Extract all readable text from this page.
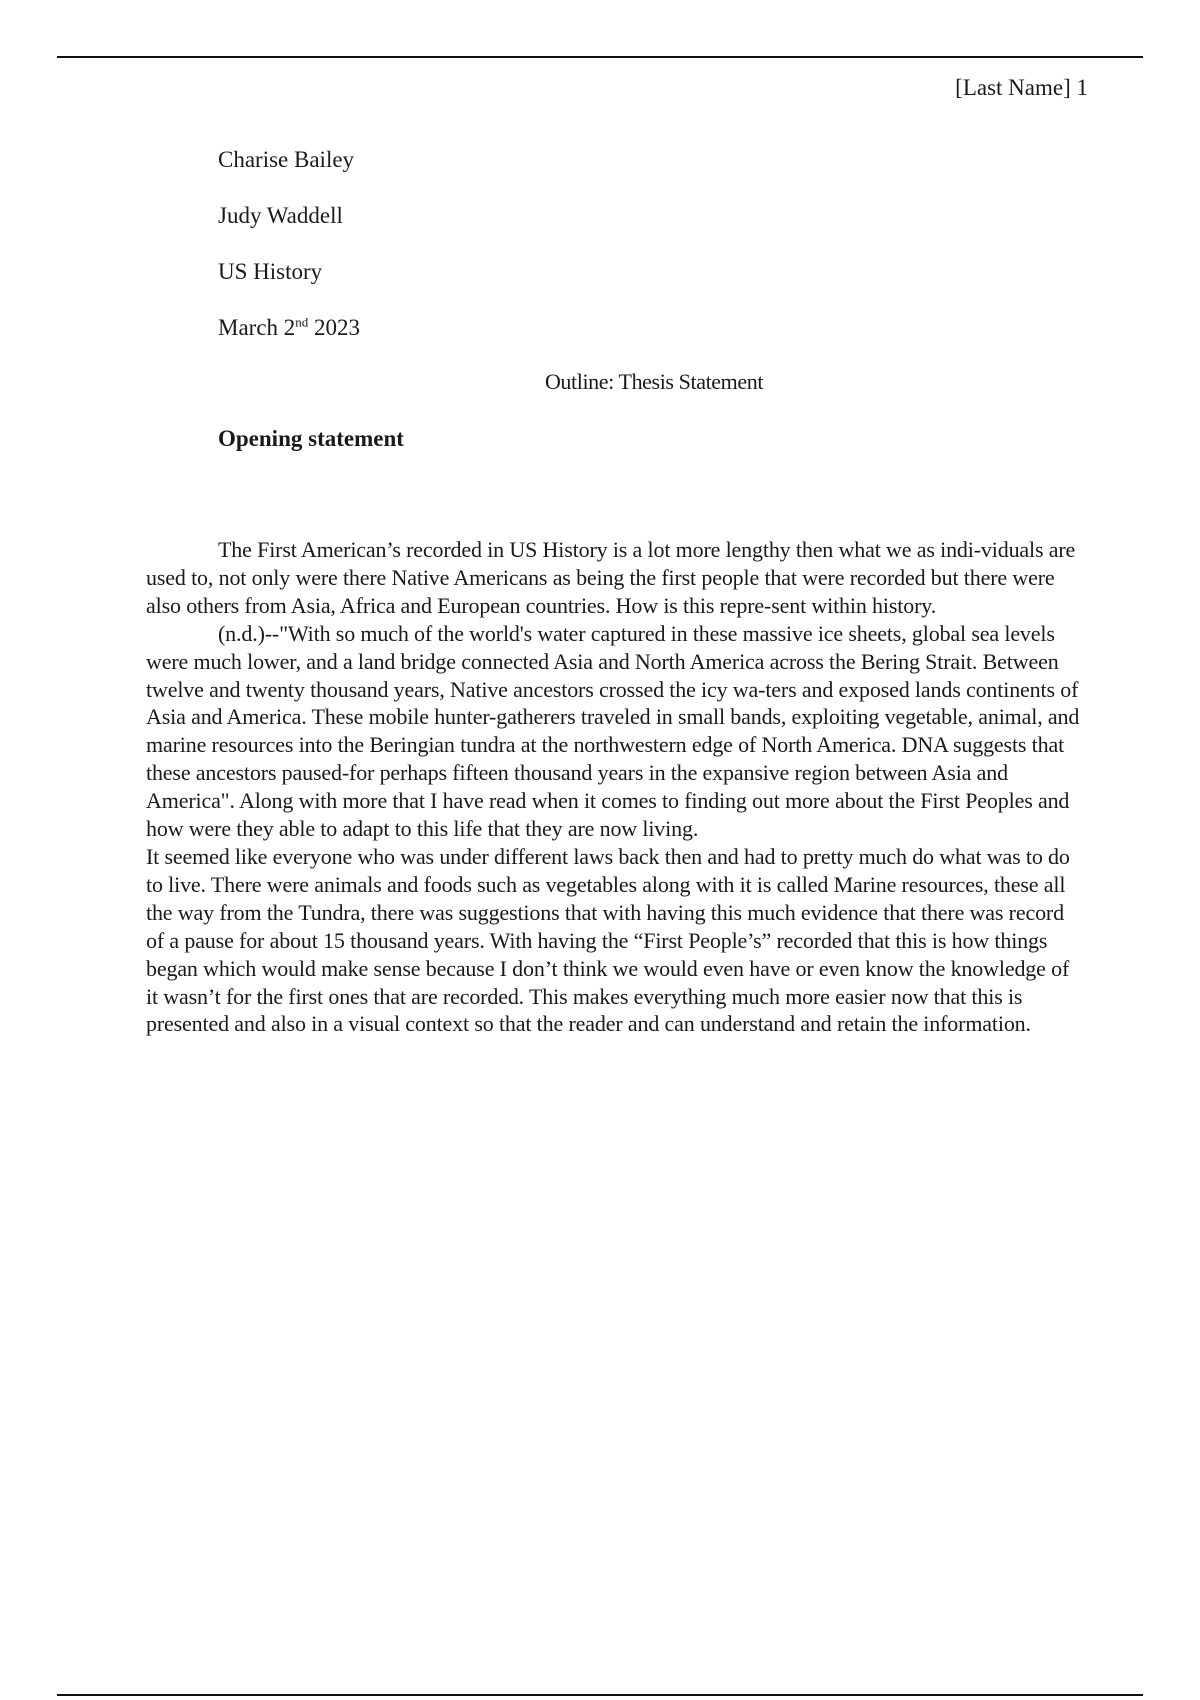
[Last Name] 1
Charise Bailey
Judy Waddell
US History
March 2nd 2023
Outline: Thesis Statement
Opening statement

The First American’s recorded in US History is a lot more lengthy then what we as indi-viduals are used to, not only were there Native Americans as being the first people that were recorded but there were also others from Asia, Africa and European countries. How is this repre-sent within history.

(n.d.)--"With so much of the world's water captured in these massive ice sheets, global sea levels were much lower, and a land bridge connected Asia and North America across the Bering Strait. Between twelve and twenty thousand years, Native ancestors crossed the icy wa-ters and exposed lands continents of Asia and America. These mobile hunter-gatherers traveled in small bands, exploiting vegetable, animal, and marine resources into the Beringian tundra at the northwestern edge of North America. DNA suggests that these ancestors paused-for perhaps fifteen thousand years in the expansive region between Asia and America". Along with more that I have read when it comes to finding out more about the First Peoples and how were they able to adapt to this life that they are now living.

It seemed like everyone who was under different laws back then and had to pretty much do what was to do to live. There were animals and foods such as vegetables along with it is called Marine resources, these all the way from the Tundra, there was suggestions that with having this much evidence that there was record of a pause for about 15 thousand years. With having the “First People’s” recorded that this is how things began which would make sense because I don’t think we would even have or even know the knowledge of it wasn’t for the first ones that are recorded. This makes everything much more easier now that this is presented and also in a visual context so that the reader and can understand and retain the information.
